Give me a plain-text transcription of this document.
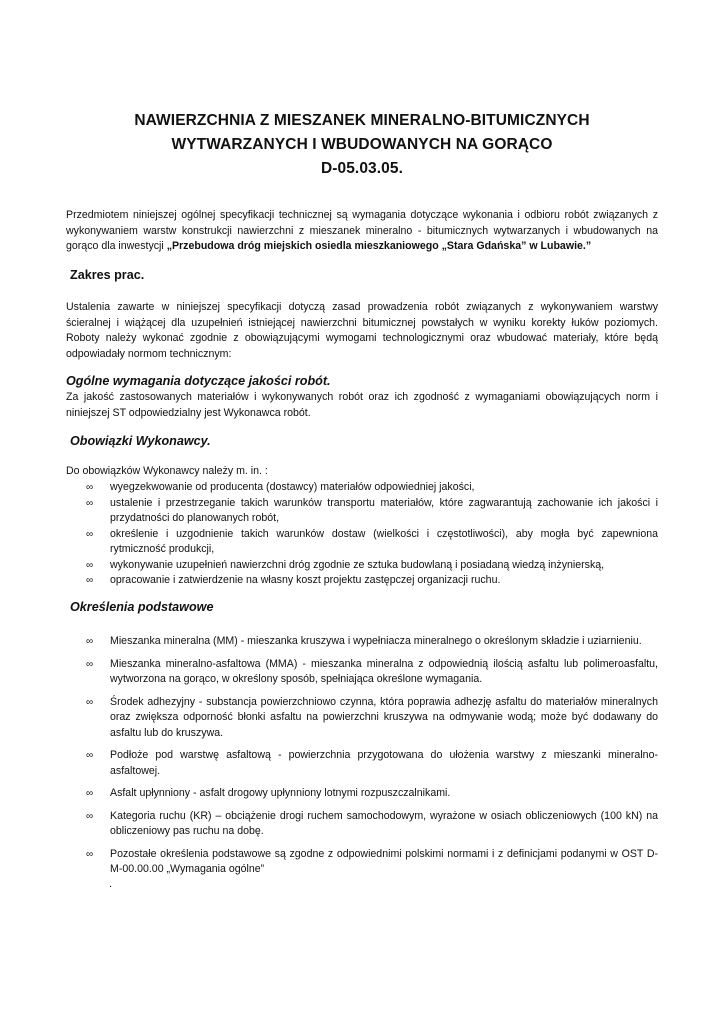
NAWIERZCHNIA Z MIESZANEK MINERALNO-BITUMICZNYCH
WYTWARZANYCH I WBUDOWANYCH NA GORĄCO
D-05.03.05.
Przedmiotem niniejszej ogólnej specyfikacji technicznej są wymagania dotyczące wykonania i odbioru robót związanych z
wykonywaniem warstw konstrukcji nawierzchni z mieszanek mineralno - bitumicznych wytwarzanych i wbudowanych na
gorąco dla inwestycji „Przebudowa dróg miejskich osiedla mieszkaniowego „Stara Gdańska” w Lubawie.”
Zakres prac.
Ustalenia zawarte w niniejszej specyfikacji dotyczą zasad prowadzenia robót związanych z wykonywaniem warstwy
ścieralnej i wiążącej dla uzupełnień istniejącej nawierzchni bitumicznej powstałych w wyniku korekty łuków poziomych.
Roboty należy wykonać zgodnie z obowiązującymi wymogami technologicznymi oraz wbudować materiały, które będą
odpowiadały normom technicznym:
Ogólne wymagania dotyczące jakości robót.
Za jakość zastosowanych materiałów i wykonywanych robót oraz ich zgodność z wymaganiami obowiązujących norm i
niniejszej ST odpowiedzialny jest Wykonawca robót.
Obowiązki Wykonawcy.
Do obowiązków Wykonawcy należy m. in. :
∞ wyegzekwowanie od producenta (dostawcy) materiałów odpowiedniej jakości,
∞ ustalenie i przestrzeganie takich warunków transportu materiałów, które zagwarantują zachowanie ich jakości i przydatności do planowanych robót,
∞ określenie i uzgodnienie takich warunków dostaw (wielkości i częstotliwości), aby mogła być zapewniona rytmiczność produkcji,
∞ wykonywanie uzupełnień nawierzchni dróg zgodnie ze sztuka budowlaną i posiadaną wiedzą inżynierską,
∞ opracowanie i zatwierdzenie na własny koszt projektu zastępczej organizacji ruchu.
Określenia podstawowe
∞ Mieszanka mineralna (MM) - mieszanka kruszywa i wypełniacza mineralnego o określonym składzie i uziarnieniu.
∞ Mieszanka mineralno-asfaltowa (MMA) - mieszanka mineralna z odpowiednią ilością asfaltu lub polimeroasfaltu, wytworzona na gorąco, w określony sposób, spełniająca określone wymagania.
∞ Środek adhezyjny - substancja powierzchniowo czynna, która poprawia adhezję asfaltu do materiałów mineralnych oraz zwiększa odporność błonki asfaltu na powierzchni kruszywa na odmywanie wodą; może być dodawany do asfaltu lub do kruszywa.
∞ Podłoże pod warstwę asfaltową - powierzchnia przygotowana do ułożenia warstwy z mieszanki mineralno-asfaltowej.
∞ Asfalt upłynniony - asfalt drogowy upłynniony lotnymi rozpuszczalnikami.
∞ Kategoria ruchu (KR) – obciążenie drogi ruchem samochodowym, wyrażone w osiach obliczeniowych (100 kN) na obliczeniowy pas ruchu na dobę.
∞ Pozostałe określenia podstawowe są zgodne z odpowiednimi polskimi normami i z definicjami podanymi w OST D-M-00.00.00 „Wymagania ogólne”
.
